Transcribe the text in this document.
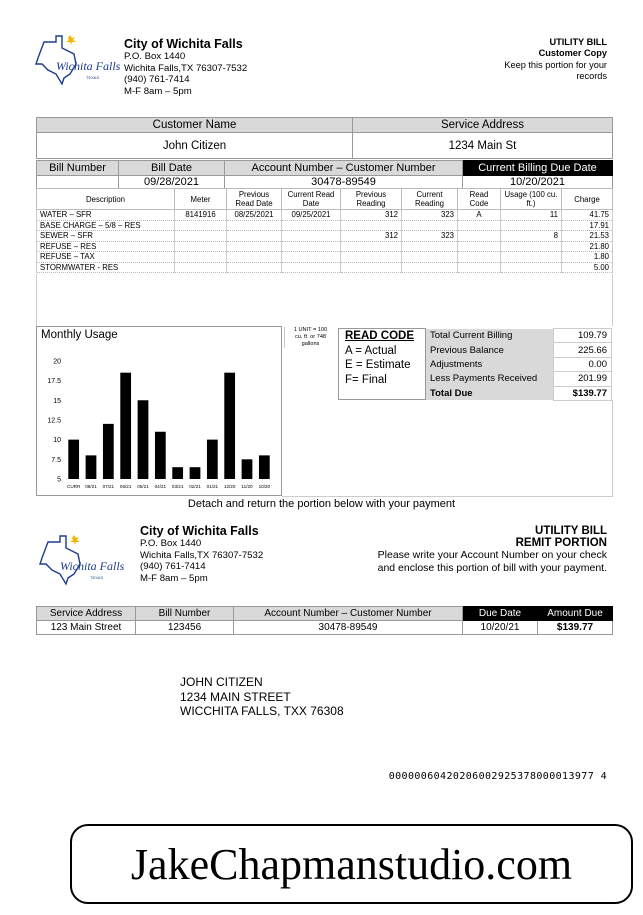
Wichita Falls
TEXAS
City of Wichita Falls
P.O. Box 1440
Wichita Falls,TX 76307-7532
(940) 761-7414
M-F 8am – 5pm
UTILITY BILL
Customer Copy
Keep this portion for your
records
Customer Name	Service Address
John Citizen	1234 Main St
Bill Number	Bill Date	Account Number – Customer Number	Current Billing Due Date
	09/28/2021	30478-89549	10/20/2021
Description	Meter	Previous Read Date	Current Read Date	Previous Reading	Current Reading	Read Code	Usage (100 cu. ft.)	Charge
WATER – SFR	8141916	08/25/2021	09/25/2021	312	323	A	11	41.75
BASE CHARGE – 5/8 – RES								17.91
SEWER – SFR				312	323		8	21.53
REFUSE – RES								21.80
REFUSE – TAX								1.80
STORMWATER - RES								5.00
Monthly Usage
20
17.5
15
12.5
10
7.5
5
CURR 08/21 07/21 06/21 05/21 04/21 03/21 02/21 01/21 12/20 11/20 10/20
1 UNIT = 100
cu. ft. or 748
gallons
READ CODE
A = Actual
E = Estimate
F= Final
Total Current Billing	109.79
Previous Balance	225.66
Adjustments	0.00
Less Payments Received	201.99
Total Due	$139.77
Detach and return the portion below with your payment
Wichita Falls
TEXAS
City of Wichita Falls
P.O. Box 1440
Wichita Falls,TX 76307-7532
(940) 761-7414
M-F 8am – 5pm
UTILITY BILL
REMIT PORTION
Please write your Account Number on your check
and enclose this portion of bill with your payment.
Service Address	Bill Number	Account Number – Customer Number	Due Date	Amount Due
123 Main Street	123456	30478-89549	10/20/21	$139.77
JOHN CITIZEN
1234 MAIN STREET
WICCHITA FALLS, TXX 76308
00000060420206002925378000013977 4
JakeChapmanstudio.com
